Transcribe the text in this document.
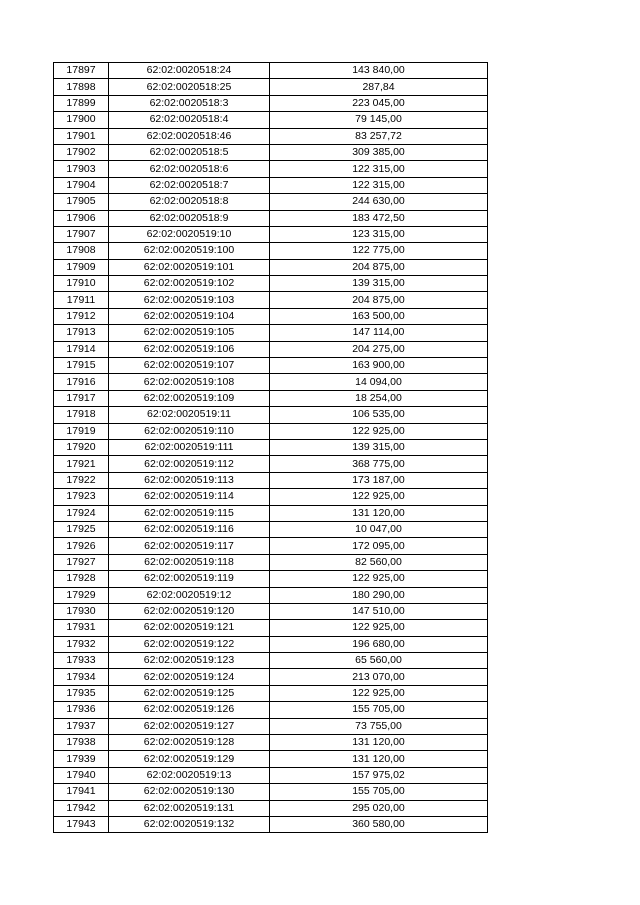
17897	62:02:0020518:24	143 840,00
17898	62:02:0020518:25	287,84
17899	62:02:0020518:3	223 045,00
17900	62:02:0020518:4	79 145,00
17901	62:02:0020518:46	83 257,72
17902	62:02:0020518:5	309 385,00
17903	62:02:0020518:6	122 315,00
17904	62:02:0020518:7	122 315,00
17905	62:02:0020518:8	244 630,00
17906	62:02:0020518:9	183 472,50
17907	62:02:0020519:10	123 315,00
17908	62:02:0020519:100	122 775,00
17909	62:02:0020519:101	204 875,00
17910	62:02:0020519:102	139 315,00
17911	62:02:0020519:103	204 875,00
17912	62:02:0020519:104	163 500,00
17913	62:02:0020519:105	147 114,00
17914	62:02:0020519:106	204 275,00
17915	62:02:0020519:107	163 900,00
17916	62:02:0020519:108	14 094,00
17917	62:02:0020519:109	18 254,00
17918	62:02:0020519:11	106 535,00
17919	62:02:0020519:110	122 925,00
17920	62:02:0020519:111	139 315,00
17921	62:02:0020519:112	368 775,00
17922	62:02:0020519:113	173 187,00
17923	62:02:0020519:114	122 925,00
17924	62:02:0020519:115	131 120,00
17925	62:02:0020519:116	10 047,00
17926	62:02:0020519:117	172 095,00
17927	62:02:0020519:118	82 560,00
17928	62:02:0020519:119	122 925,00
17929	62:02:0020519:12	180 290,00
17930	62:02:0020519:120	147 510,00
17931	62:02:0020519:121	122 925,00
17932	62:02:0020519:122	196 680,00
17933	62:02:0020519:123	65 560,00
17934	62:02:0020519:124	213 070,00
17935	62:02:0020519:125	122 925,00
17936	62:02:0020519:126	155 705,00
17937	62:02:0020519:127	73 755,00
17938	62:02:0020519:128	131 120,00
17939	62:02:0020519:129	131 120,00
17940	62:02:0020519:13	157 975,02
17941	62:02:0020519:130	155 705,00
17942	62:02:0020519:131	295 020,00
17943	62:02:0020519:132	360 580,00
